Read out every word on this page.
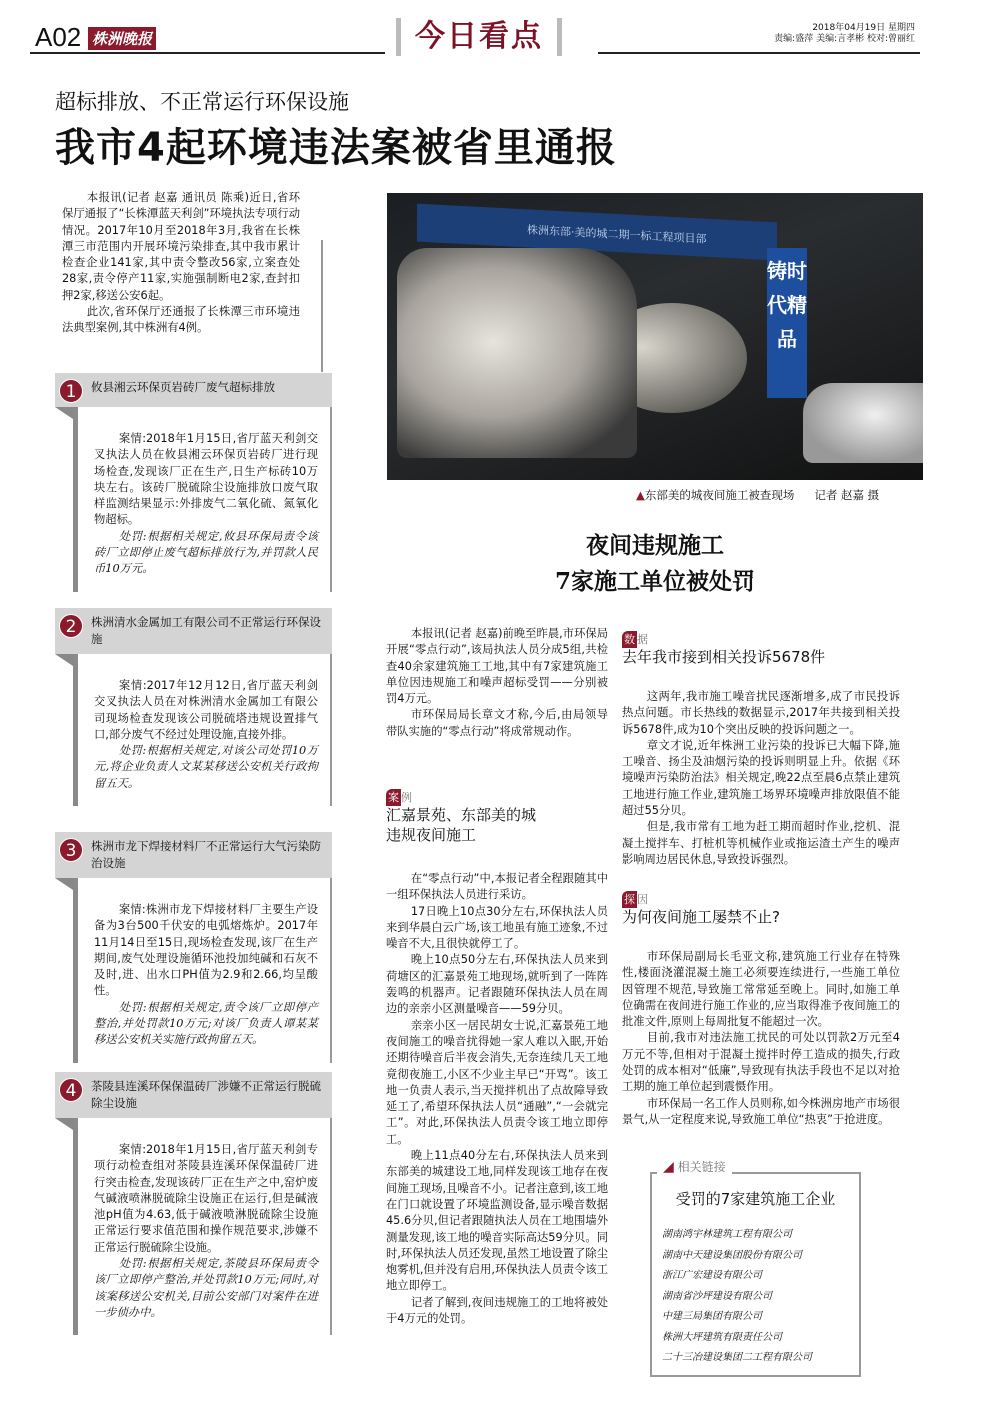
A02 株洲晚报	今日看点	2018年04月19日 星期四
责编:盛萍 美编:言孝彬 校对:曾丽红
超标排放、不正常运行环保设施
我市4起环境违法案被省里通报

本报讯(记者 赵嘉 通讯员 陈乘)近日,省环保厅通报了“长株潭蓝天利剑”环境执法专项行动情况。2017年10月至2018年3月,我省在长株潭三市范围内开展环境污染排查,其中我市累计检查企业141家,其中责令整改56家,立案查处28家,责令停产11家,实施强制断电2家,查封扣押2家,移送公安6起。

此次,省环保厅还通报了长株潭三市环境违法典型案例,其中株洲有4例。

1	攸县湘云环保页岩砖厂废气超标排放

案情:2018年1月15日,省厅蓝天利剑交叉执法人员在攸县湘云环保页岩砖厂进行现场检查,发现该厂正在生产,日生产标砖10万块左右。该砖厂脱硫除尘设施排放口废气取样监测结果显示:外排废气二氧化硫、氮氧化物超标。

处罚:根据相关规定,攸县环保局责令该砖厂立即停止废气超标排放行为,并罚款人民币10万元。

2	株洲清水金属加工有限公司不正常运行环保设施

案情:2017年12月12日,省厅蓝天利剑交叉执法人员在对株洲清水金属加工有限公司现场检查发现该公司脱硫塔违规设置排气口,部分废气不经过处理设施,直接外排。

处罚:根据相关规定,对该公司处罚10万元,将企业负责人文某某移送公安机关行政拘留五天。

3	株洲市龙下焊接材料厂不正常运行大气污染防治设施

案情:株洲市龙下焊接材料厂主要生产设备为3台500千伏安的电弧熔炼炉。2017年11月14日至15日,现场检查发现,该厂在生产期间,废气处理设施循环池投加纯碱和石灰不及时,进、出水口PH值为2.9和2.66,均呈酸性。

处罚:根据相关规定,责令该厂立即停产整治,并处罚款10万元;对该厂负责人谭某某移送公安机关实施行政拘留五天。

4	茶陵县连溪环保保温砖厂涉嫌不正常运行脱硫除尘设施

案情:2018年1月15日,省厅蓝天利剑专项行动检查组对茶陵县连溪环保保温砖厂进行突击检查,发现该砖厂正在生产之中,窑炉废气碱液喷淋脱硫除尘设施正在运行,但是碱液池pH值为4.63,低于碱液喷淋脱硫除尘设施正常运行要求值范围和操作规范要求,涉嫌不正常运行脱硫除尘设施。

处罚:根据相关规定,茶陵县环保局责令该厂立即停产整治,并处罚款10万元;同时,对该案移送公安机关,目前公安部门对案件在进一步侦办中。

株洲东部·美的城二期一标工程项目部
铸时代精品
▲东部美的城夜间施工被查现场 记者 赵嘉 摄
夜间违规施工
7家施工单位被处罚

本报讯(记者 赵嘉)前晚至昨晨,市环保局开展“零点行动”,该局执法人员分成5组,共检查40余家建筑施工工地,其中有7家建筑施工单位因违规施工和噪声超标受罚——分别被罚4万元。

市环保局局长章文才称,今后,由局领导带队实施的“零点行动”将成常规动作。

案 例
汇嘉景苑、东部美的城
违规夜间施工

在“零点行动”中,本报记者全程跟随其中一组环保执法人员进行采访。

17日晚上10点30分左右,环保执法人员来到华晨白云广场,该工地虽有施工迹象,不过噪音不大,且很快就停工了。

晚上10点50分左右,环保执法人员来到荷塘区的汇嘉景苑工地现场,就听到了一阵阵轰鸣的机器声。记者跟随环保执法人员在周边的亲亲小区测量噪音——59分贝。

亲亲小区一居民胡女士说,汇嘉景苑工地夜间施工的噪音扰得她一家人难以入眠,开始还期待噪音后半夜会消失,无奈连续几天工地竟彻夜施工,小区不少业主早已“开骂”。该工地一负责人表示,当天搅拌机出了点故障导致延工了,希望环保执法人员“通融”,“一会就完工”。对此,环保执法人员责令该工地立即停工。

晚上11点40分左右,环保执法人员来到东部美的城建设工地,同样发现该工地存在夜间施工现场,且噪音不小。记者注意到,该工地在门口就设置了环境监测设备,显示噪音数据45.6分贝,但记者跟随执法人员在工地围墙外测量发现,该工地的噪音实际高达59分贝。同时,环保执法人员还发现,虽然工地设置了除尘炮雾机,但并没有启用,环保执法人员责令该工地立即停工。

记者了解到,夜间违规施工的工地将被处于4万元的处罚。

数 据
去年我市接到相关投诉5678件

这两年,我市施工噪音扰民逐渐增多,成了市民投诉热点问题。市长热线的数据显示,2017年共接到相关投诉5678件,成为10个突出反映的投诉问题之一。

章文才说,近年株洲工业污染的投诉已大幅下降,施工噪音、扬尘及油烟污染的投诉则明显上升。依据《环境噪声污染防治法》相关规定,晚22点至晨6点禁止建筑工地进行施工作业,建筑施工场界环境噪声排放限值不能超过55分贝。

但是,我市常有工地为赶工期而超时作业,挖机、混凝土搅拌车、打桩机等机械作业或拖运渣土产生的噪声影响周边居民休息,导致投诉强烈。

探 因
为何夜间施工屡禁不止?

市环保局副局长毛亚文称,建筑施工行业存在特殊性,楼面浇灌混凝土施工必须要连续进行,一些施工单位因管理不规范,导致施工常常延至晚上。同时,如施工单位确需在夜间进行施工作业的,应当取得准予夜间施工的批准文件,原则上每周批复不能超过一次。

目前,我市对违法施工扰民的可处以罚款2万元至4万元不等,但相对于混凝土搅拌时停工造成的损失,行政处罚的成本相对“低廉”,导致现有执法手段也不足以对抢工期的施工单位起到震慑作用。

市环保局一名工作人员则称,如今株洲房地产市场很景气,从一定程度来说,导致施工单位“热衷”于抢进度。

受罚的7家建筑施工企业
湖南鸿宇林建筑工程有限公司
湖南中天建设集团股份有限公司
浙江广宏建设有限公司
湖南省沙坪建设有限公司
中建三局集团有限公司
株洲大坪建筑有限责任公司
二十三冶建设集团二工程有限公司
◢ 相关链接
